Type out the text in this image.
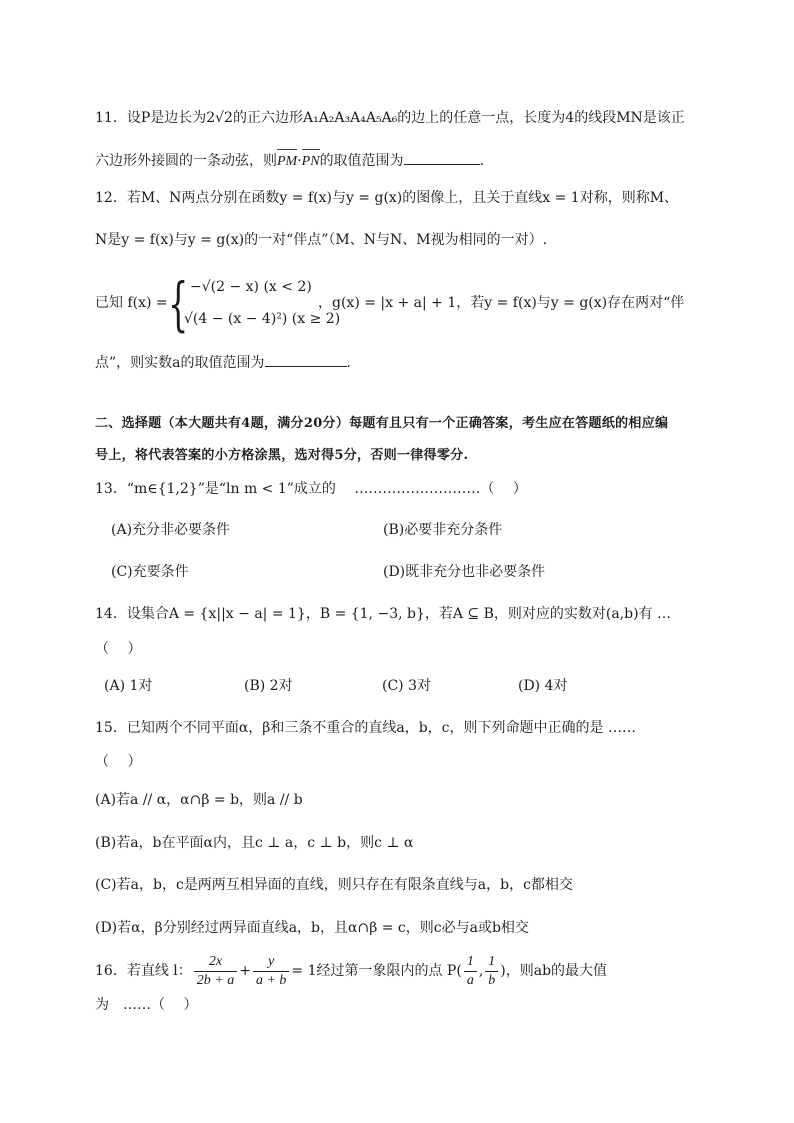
11．设P是边长为2√2的正六边形A₁A₂A₃A₄A₅A₆的边上的任意一点，长度为4的线段MN是该正
六边形外接圆的一条动弦，则PM·PN的取值范围为	.
12．若M、N两点分别在函数y = f(x)与y = g(x)的图像上，且关于直线x = 1对称，则称M、
N是y = f(x)与y = g(x)的一对“伴点”（M、N与N、M视为相同的一对）.
已知 f(x) = { −√(2 − x) (x < 2)
√(4 − (x − 4)²) (x ≥ 2)
，g(x) = |x + a| + 1，若y = f(x)与y = g(x)存在两对“伴
点”，则实数a的取值范围为	.
二、选择题（本大题共有4题，满分20分）每题有且只有一个正确答案，考生应在答题纸的相应编
号上，将代表答案的小方格涂黑，选对得5分，否则一律得零分.
13．“m∈{1,2}”是“ln m < 1”成立的　 ………………………（　 ）
(A)充分非必要条件	(B)必要非充分条件
(C)充要条件	(D)既非充分也非必要条件
14．设集合A = {x||x − a| = 1}，B = {1, −3, b}，若A ⊆ B，则对应的实数对(a,b)有 …
（　 ）
(A) 1对	(B) 2对	(C) 3对	(D) 4对
15．已知两个不同平面α，β和三条不重合的直线a，b，c，则下列命题中正确的是 ……
（　 ）
(A)若a // α，α∩β = b，则a // b
(B)若a，b在平面α内，且c ⊥ a，c ⊥ b，则c ⊥ α
(C)若a，b，c是两两互相异面的直线，则只存在有限条直线与a，b，c都相交
(D)若α，β分别经过两异面直线a，b，且α∩β = c，则c必与a或b相交
16．若直线 l： $\frac{2x}{2b + a} + \frac{y}{a + b} = 1$经过第一象限内的点 $P( \frac{1}{a}$ , $\frac{1}{b}$ )，则ab的最大值
为　……（　 ）
